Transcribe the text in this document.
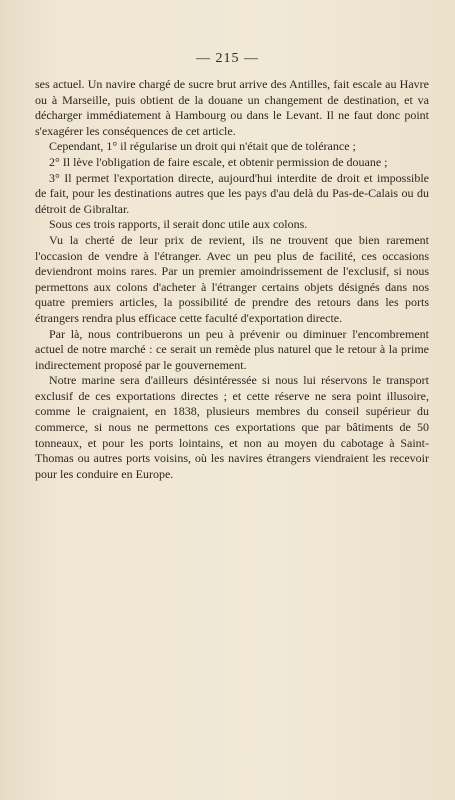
— 215 —

ses actuel. Un navire chargé de sucre brut arrive des Antilles, fait escale au Havre ou à Marseille, puis obtient de la douane un changement de destination, et va décharger immédiatement à Hambourg ou dans le Levant. Il ne faut donc point s'exagérer les conséquences de cet article.

Cependant, 1° il régularise un droit qui n'était que de tolérance ;

2° Il lève l'obligation de faire escale, et obtenir permission de douane ;

3° Il permet l'exportation directe, aujourd'hui interdite de droit et impossible de fait, pour les destinations autres que les pays d'au delà du Pas-de-Calais ou du détroit de Gibraltar.

Sous ces trois rapports, il serait donc utile aux colons.

Vu la cherté de leur prix de revient, ils ne trouvent que bien rarement l'occasion de vendre à l'étranger. Avec un peu plus de facilité, ces occasions deviendront moins rares. Par un premier amoindrissement de l'exclusif, si nous permettons aux colons d'acheter à l'étranger certains objets désignés dans nos quatre premiers articles, la possibilité de prendre des retours dans les ports étrangers rendra plus efficace cette faculté d'exportation directe.

Par là, nous contribuerons un peu à prévenir ou diminuer l'encombrement actuel de notre marché : ce serait un remède plus naturel que le retour à la prime indirectement proposé par le gouvernement.

Notre marine sera d'ailleurs désintéressée si nous lui réservons le transport exclusif de ces exportations directes ; et cette réserve ne sera point illusoire, comme le craignaient, en 1838, plusieurs membres du conseil supérieur du commerce, si nous ne permettons ces exportations que par bâtiments de 50 tonneaux, et pour les ports lointains, et non au moyen du cabotage à Saint-Thomas ou autres ports voisins, où les navires étrangers viendraient les recevoir pour les conduire en Europe.
